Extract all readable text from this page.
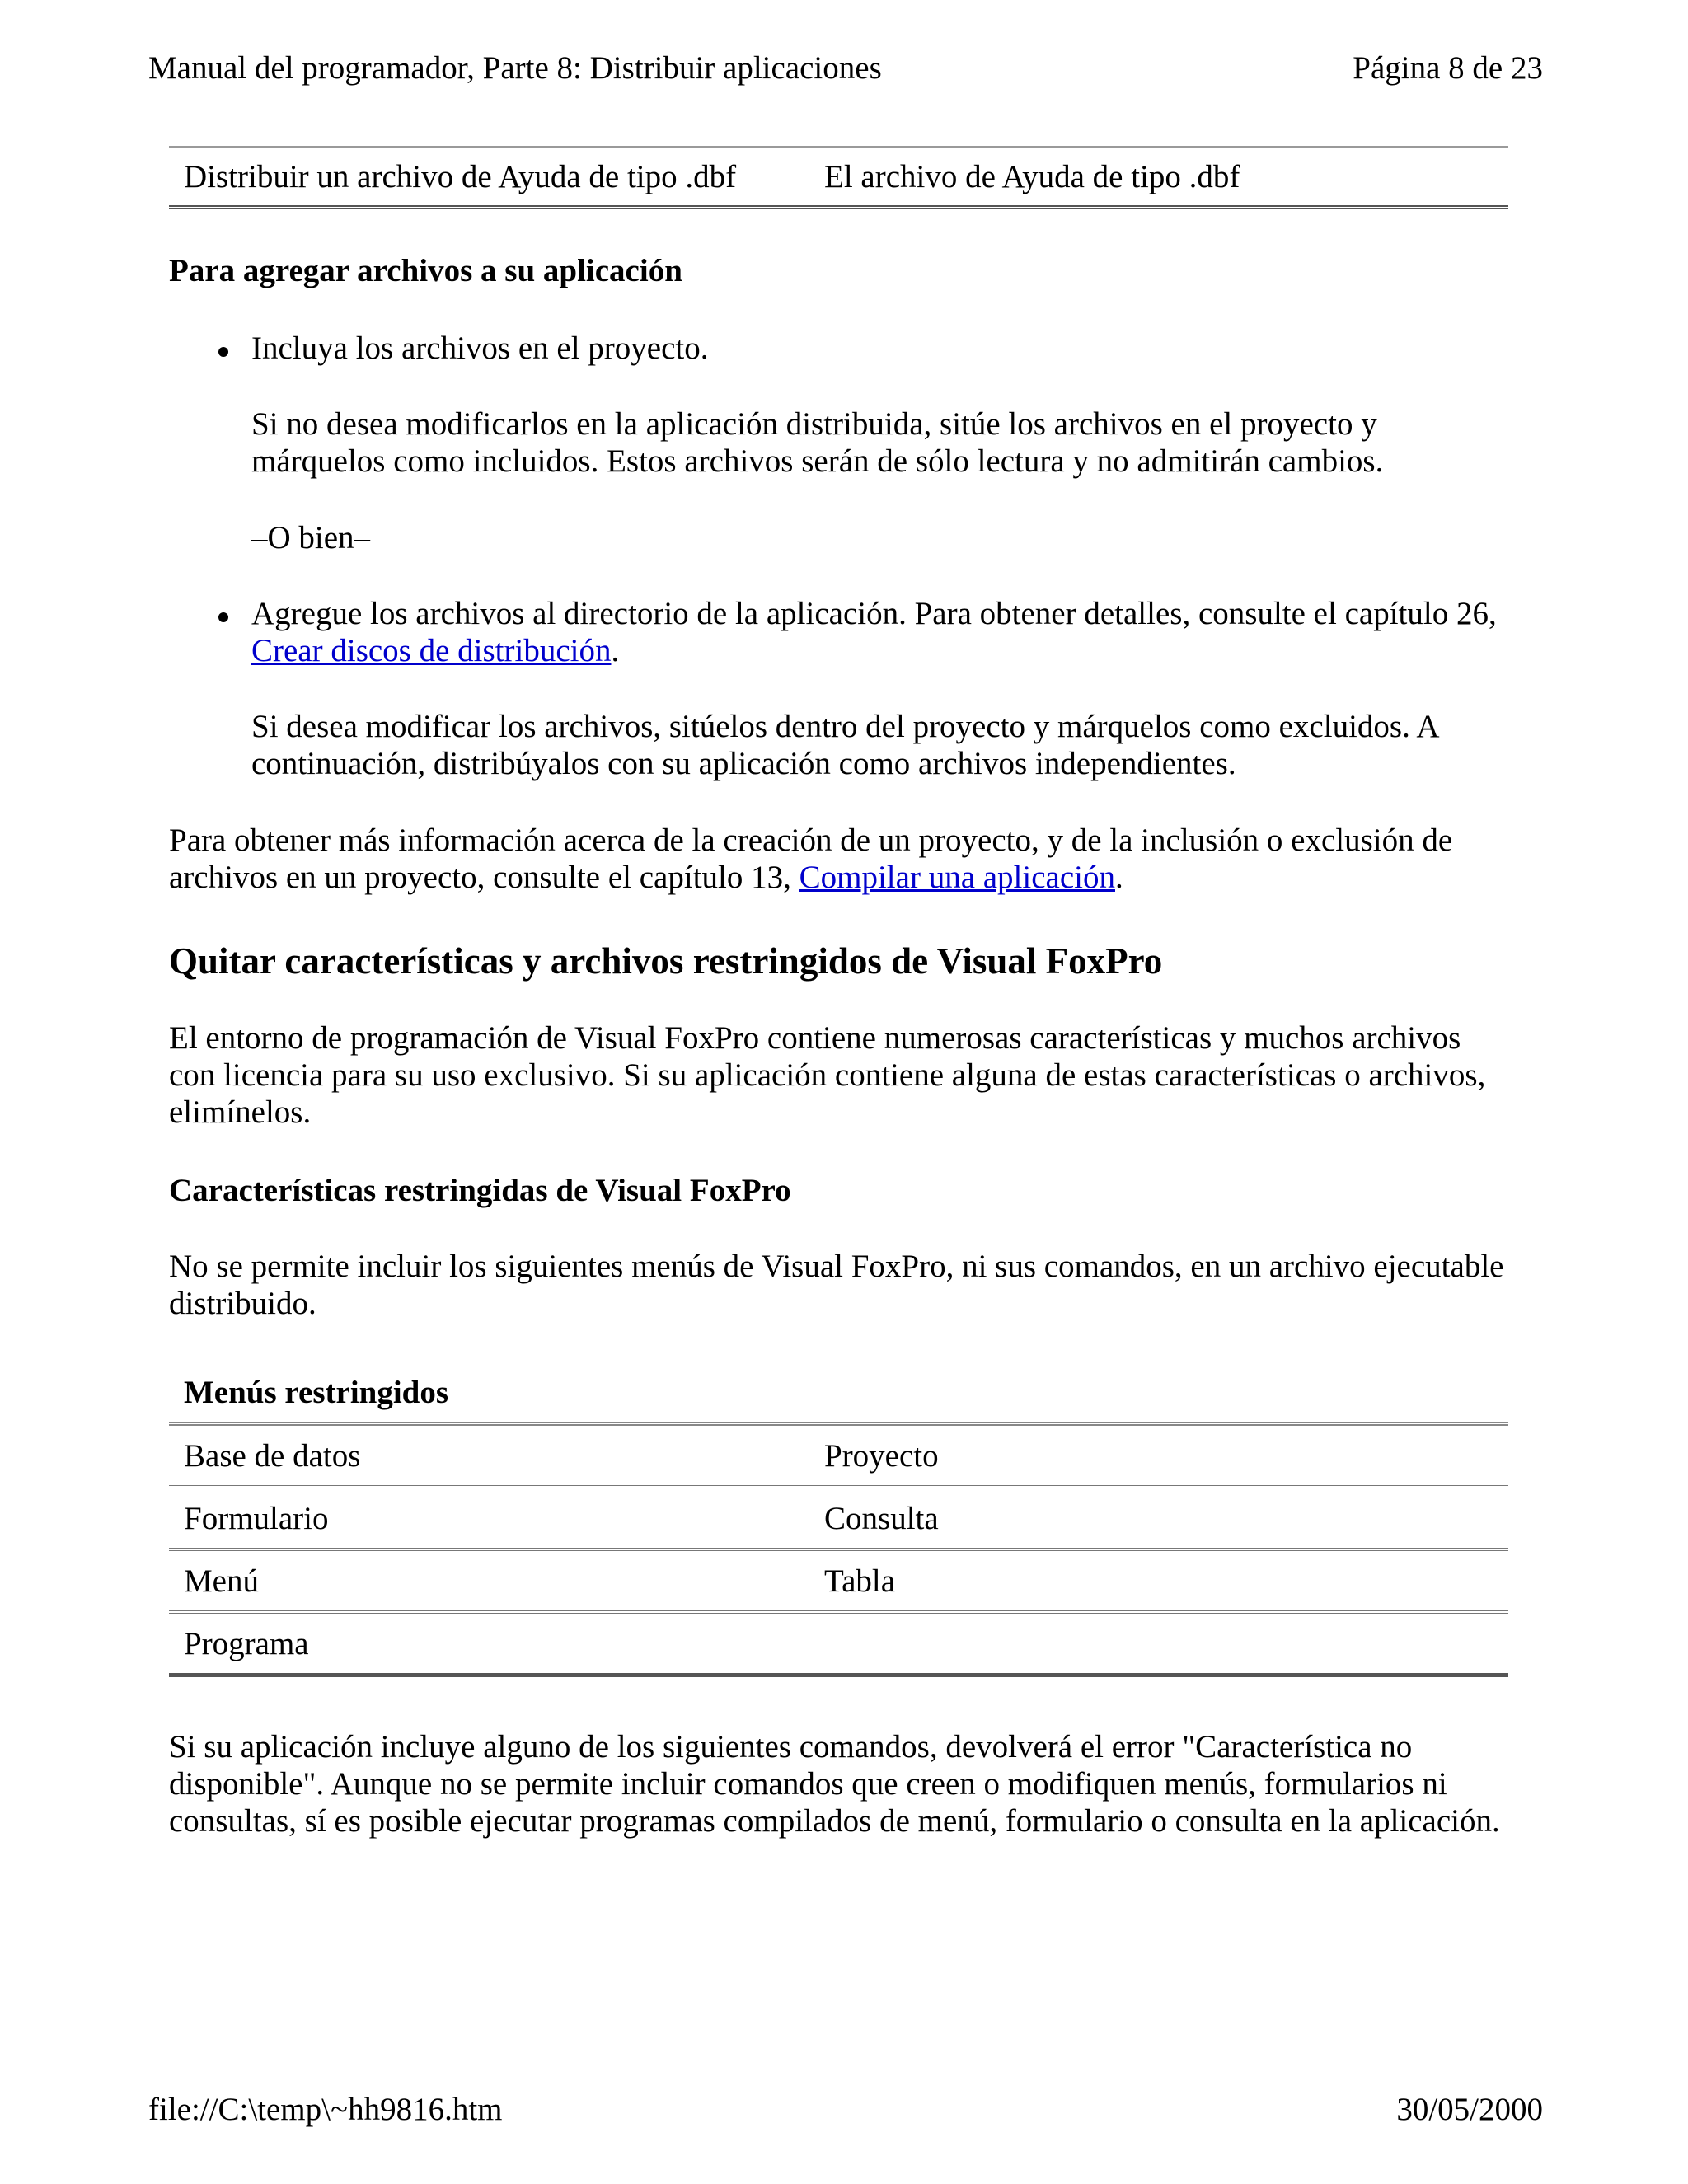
Manual del programador, Parte 8: Distribuir aplicaciones	Página 8 de 23
Distribuir un archivo de Ayuda de tipo .dbf	El archivo de Ayuda de tipo .dbf
Para agregar archivos a su aplicación
Incluya los archivos en el proyecto.

Si no desea modificarlos en la aplicación distribuida, sitúe los archivos en el proyecto y márquelos como incluidos. Estos archivos serán de sólo lectura y no admitirán cambios.

–O bien–

Agregue los archivos al directorio de la aplicación. Para obtener detalles, consulte el capítulo 26, Crear discos de distribución.

Si desea modificar los archivos, sitúelos dentro del proyecto y márquelos como excluidos. A continuación, distribúyalos con su aplicación como archivos independientes.

Para obtener más información acerca de la creación de un proyecto, y de la inclusión o exclusión de archivos en un proyecto, consulte el capítulo 13, Compilar una aplicación.

Quitar características y archivos restringidos de Visual FoxPro

El entorno de programación de Visual FoxPro contiene numerosas características y muchos archivos con licencia para su uso exclusivo. Si su aplicación contiene alguna de estas características o archivos, elimínelos.

Características restringidas de Visual FoxPro

No se permite incluir los siguientes menús de Visual FoxPro, ni sus comandos, en un archivo ejecutable distribuido.

Menús restringidos
Base de datos	Proyecto
Formulario	Consulta
Menú	Tabla
Programa

Si su aplicación incluye alguno de los siguientes comandos, devolverá el error "Característica no disponible". Aunque no se permite incluir comandos que creen o modifiquen menús, formularios ni consultas, sí es posible ejecutar programas compilados de menú, formulario o consulta en la aplicación.

file://C:\temp\~hh9816.htm	30/05/2000
